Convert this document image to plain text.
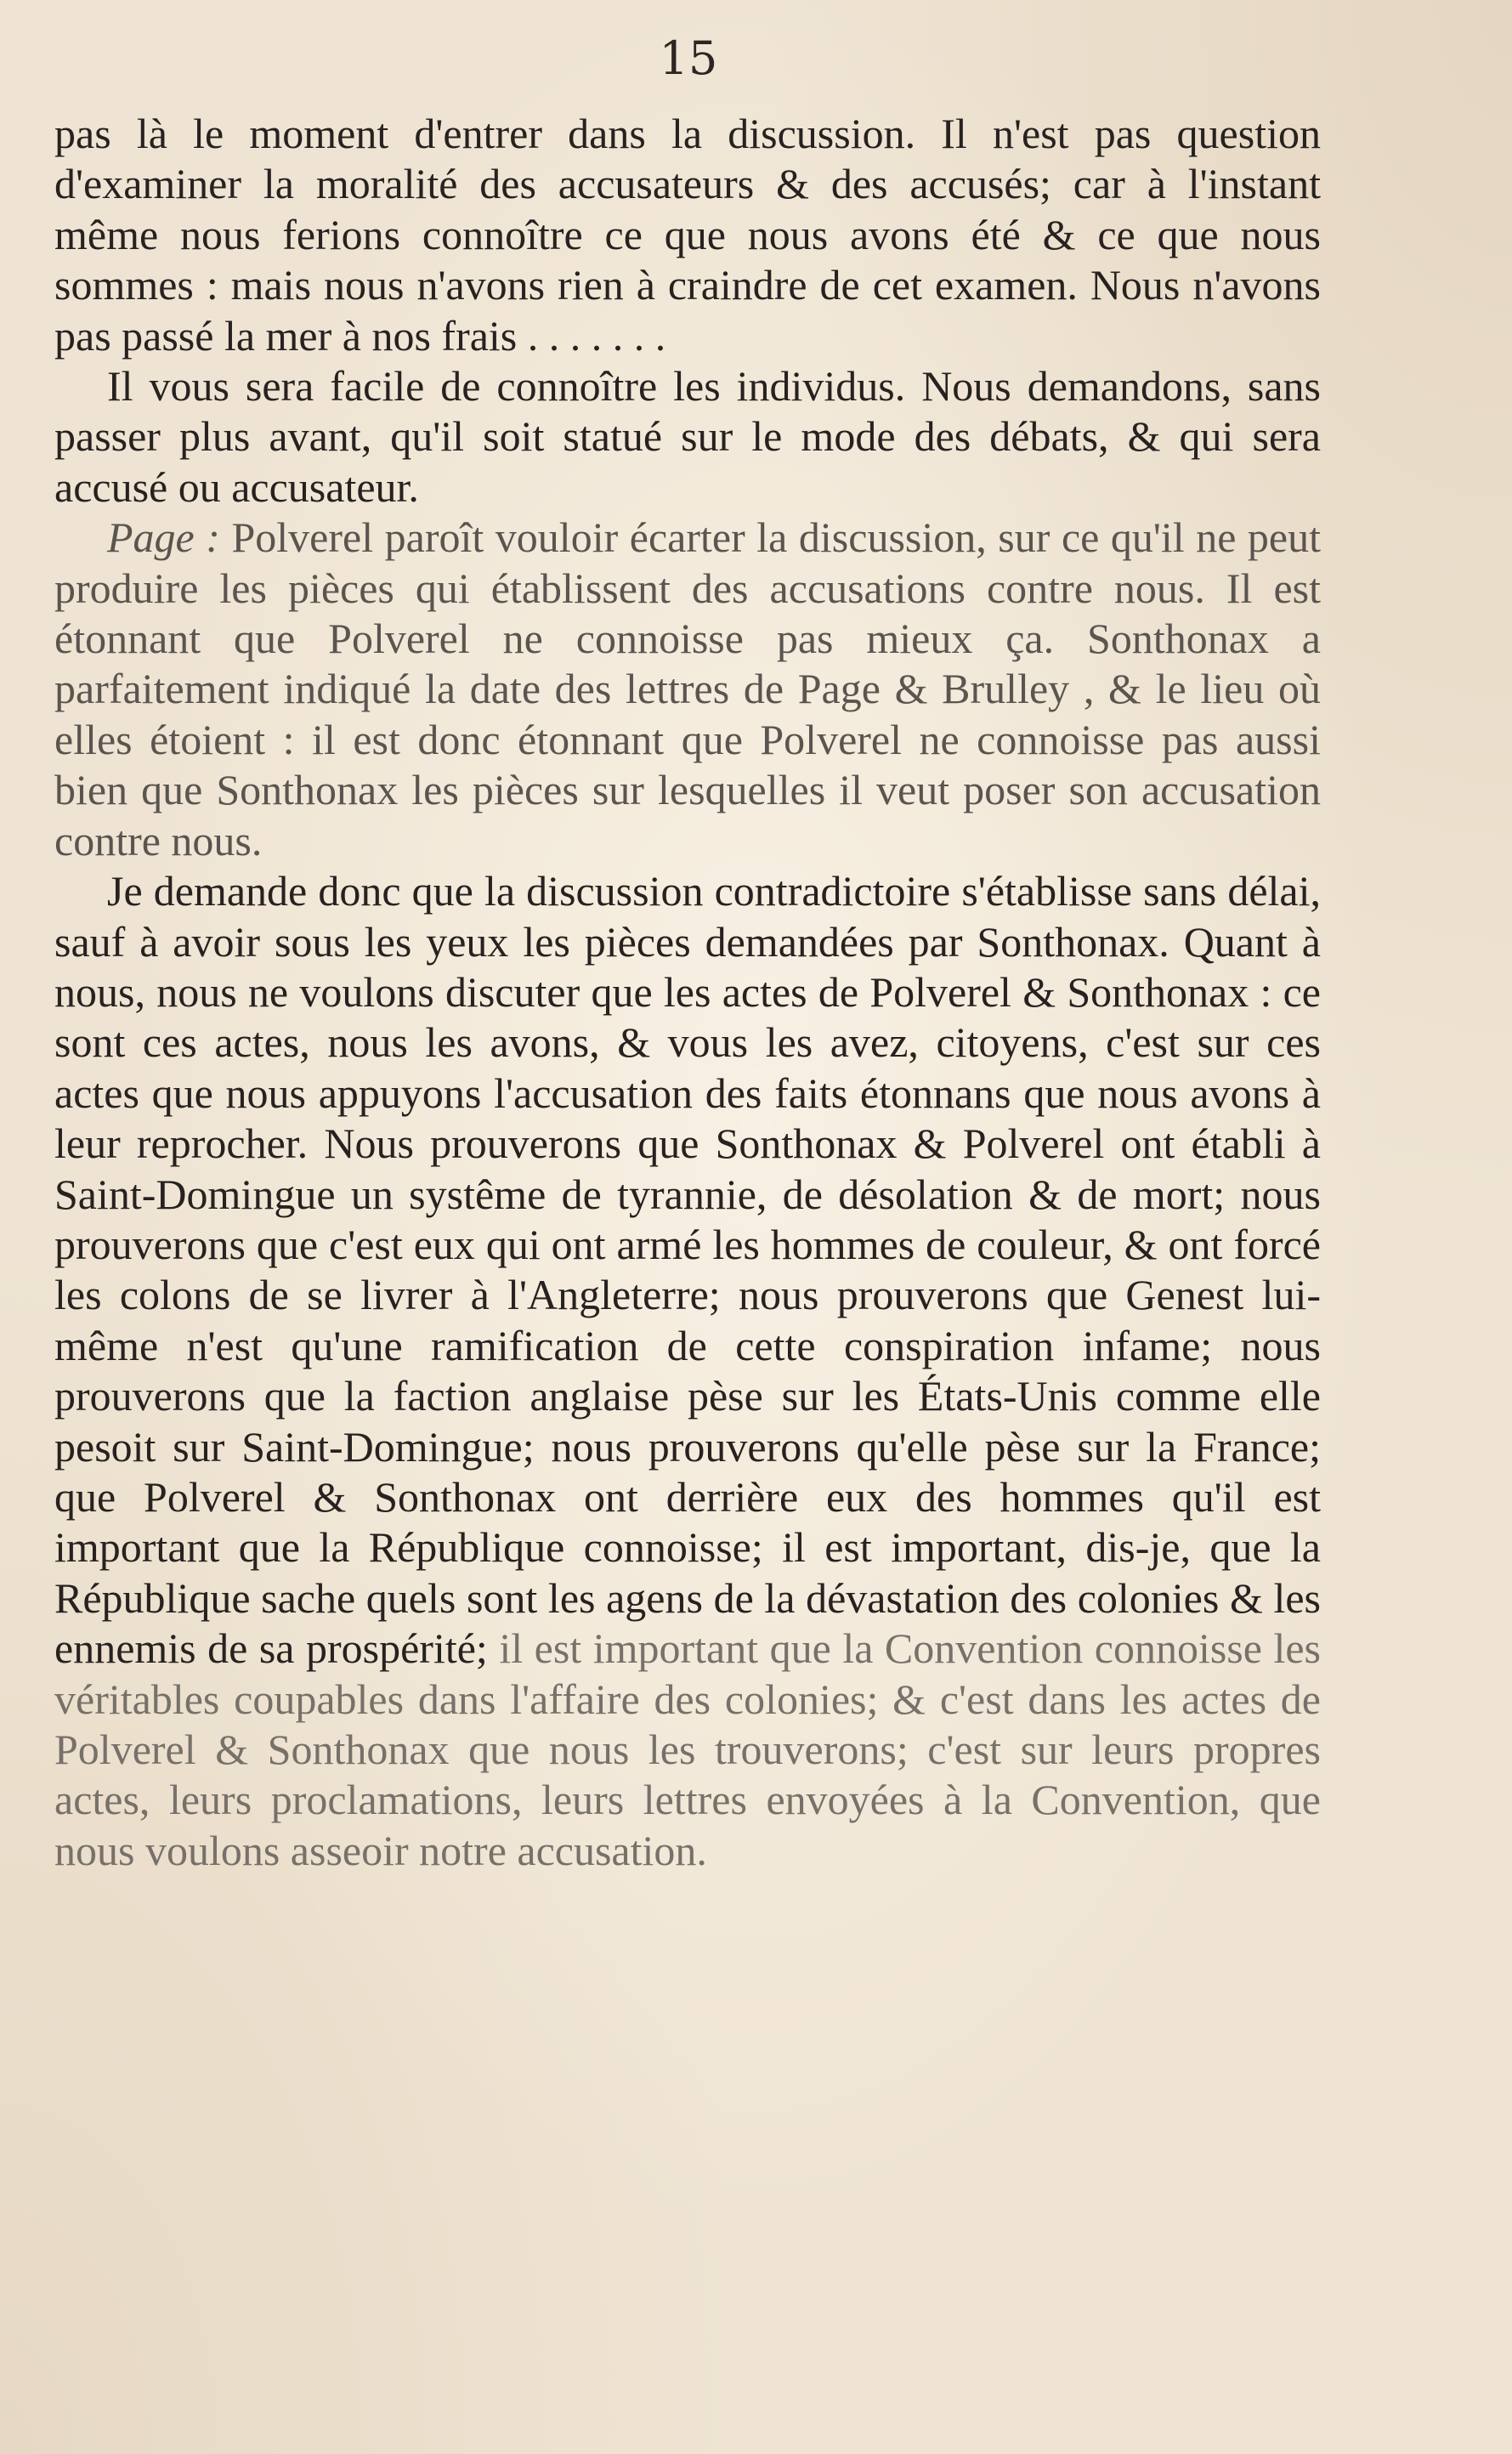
15

pas là le moment d'entrer dans la discussion. Il n'est pas question d'examiner la moralité des accusateurs & des accusés; car à l'instant même nous ferions connoître ce que nous avons été & ce que nous sommes : mais nous n'avons rien à craindre de cet examen. Nous n'avons pas passé la mer à nos frais . . . . . . .

Il vous sera facile de connoître les individus. Nous demandons, sans passer plus avant, qu'il soit statué sur le mode des débats, & qui sera accusé ou accusateur.

Page : Polverel paroît vouloir écarter la discussion, sur ce qu'il ne peut produire les pièces qui établissent des accusations contre nous. Il est étonnant que Polverel ne connoisse pas mieux ça. Sonthonax a parfaitement indiqué la date des lettres de Page & Brulley , & le lieu où elles étoient : il est donc étonnant que Polverel ne connoisse pas aussi bien que Sonthonax les pièces sur lesquelles il veut poser son accusation contre nous.

Je demande donc que la discussion contradictoire s'établisse sans délai, sauf à avoir sous les yeux les pièces demandées par Sonthonax. Quant à nous, nous ne voulons discuter que les actes de Polverel & Sonthonax : ce sont ces actes, nous les avons, & vous les avez, citoyens, c'est sur ces actes que nous appuyons l'accusation des faits étonnans que nous avons à leur reprocher. Nous prouverons que Sonthonax & Polverel ont établi à Saint-Domingue un systême de tyrannie, de désolation & de mort; nous prouverons que c'est eux qui ont armé les hommes de couleur, & ont forcé les colons de se livrer à l'Angleterre; nous prouverons que Genest lui-même n'est qu'une ramification de cette conspiration infame; nous prouverons que la faction anglaise pèse sur les États-Unis comme elle pesoit sur Saint-Domingue; nous prouverons qu'elle pèse sur la France; que Polverel & Sonthonax ont derrière eux des hommes qu'il est important que la République connoisse; il est important, dis-je, que la République sache quels sont les agens de la dévastation des colonies & les ennemis de sa prospérité; il est important que la Convention connoisse les véritables coupables dans l'affaire des colonies; & c'est dans les actes de Polverel & Sonthonax que nous les trouverons; c'est sur leurs propres actes, leurs proclamations, leurs lettres envoyées à la Convention, que nous voulons asseoir notre accusation.
